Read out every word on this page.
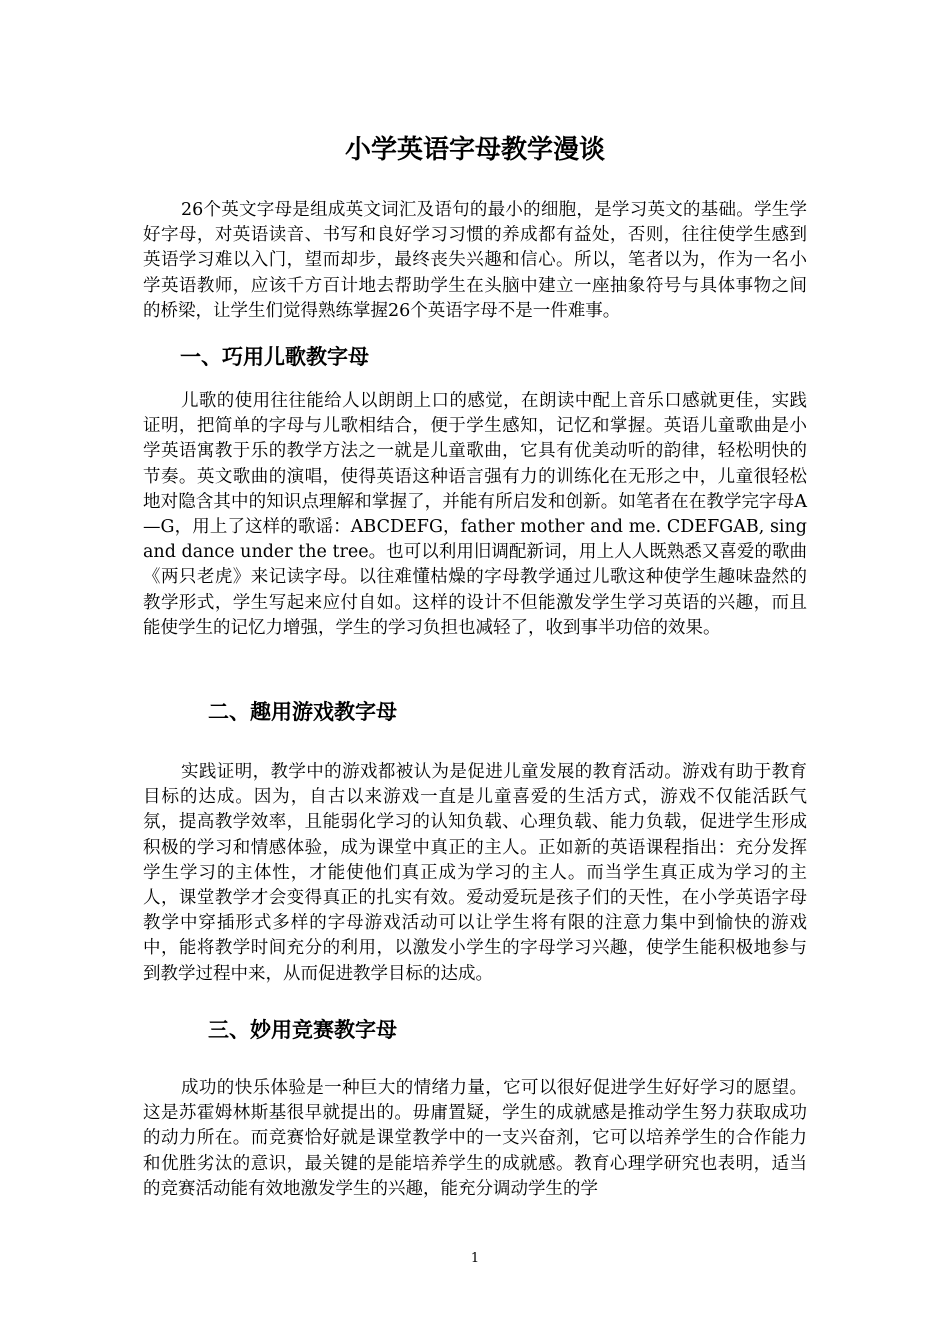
小学英语字母教学漫谈

26个英文字母是组成英文词汇及语句的最小的细胞，是学习英文的基础。学生学好字母，对英语读音、书写和良好学习习惯的养成都有益处，否则，往往使学生感到英语学习难以入门，望而却步，最终丧失兴趣和信心。所以，笔者以为，作为一名小学英语教师，应该千方百计地去帮助学生在头脑中建立一座抽象符号与具体事物之间的桥梁，让学生们觉得熟练掌握26个英语字母不是一件难事。

一、巧用儿歌教字母

儿歌的使用往往能给人以朗朗上口的感觉，在朗读中配上音乐口感就更佳，实践证明，把简单的字母与儿歌相结合，便于学生感知，记忆和掌握。英语儿童歌曲是小学英语寓教于乐的教学方法之一就是儿童歌曲，它具有优美动听的韵律，轻松明快的节奏。英文歌曲的演唱，使得英语这种语言强有力的训练化在无形之中，儿童很轻松地对隐含其中的知识点理解和掌握了，并能有所启发和创新。如笔者在在教学完字母A—G，用上了这样的歌谣：ABCDEFG，father mother and me. CDEFGAB, sing and dance under the tree。也可以利用旧调配新词，用上人人既熟悉又喜爱的歌曲《两只老虎》来记读字母。以往难懂枯燥的字母教学通过儿歌这种使学生趣味盎然的教学形式，学生写起来应付自如。这样的设计不但能激发学生学习英语的兴趣，而且能使学生的记忆力增强，学生的学习负担也减轻了，收到事半功倍的效果。

二、趣用游戏教字母

实践证明，教学中的游戏都被认为是促进儿童发展的教育活动。游戏有助于教育目标的达成。因为，自古以来游戏一直是儿童喜爱的生活方式，游戏不仅能活跃气氛，提高教学效率，且能弱化学习的认知负载、心理负载、能力负载，促进学生形成积极的学习和情感体验，成为课堂中真正的主人。正如新的英语课程指出：充分发挥学生学习的主体性，才能使他们真正成为学习的主人。而当学生真正成为学习的主人，课堂教学才会变得真正的扎实有效。爱动爱玩是孩子们的天性，在小学英语字母教学中穿插形式多样的字母游戏活动可以让学生将有限的注意力集中到愉快的游戏中，能将教学时间充分的利用，以激发小学生的字母学习兴趣，使学生能积极地参与到教学过程中来，从而促进教学目标的达成。

三、妙用竞赛教字母

成功的快乐体验是一种巨大的情绪力量，它可以很好促进学生好好学习的愿望。这是苏霍姆林斯基很早就提出的。毋庸置疑，学生的成就感是推动学生努力获取成功的动力所在。而竞赛恰好就是课堂教学中的一支兴奋剂，它可以培养学生的合作能力和优胜劣汰的意识，最关键的是能培养学生的成就感。教育心理学研究也表明，适当的竞赛活动能有效地激发学生的兴趣，能充分调动学生的学

1
